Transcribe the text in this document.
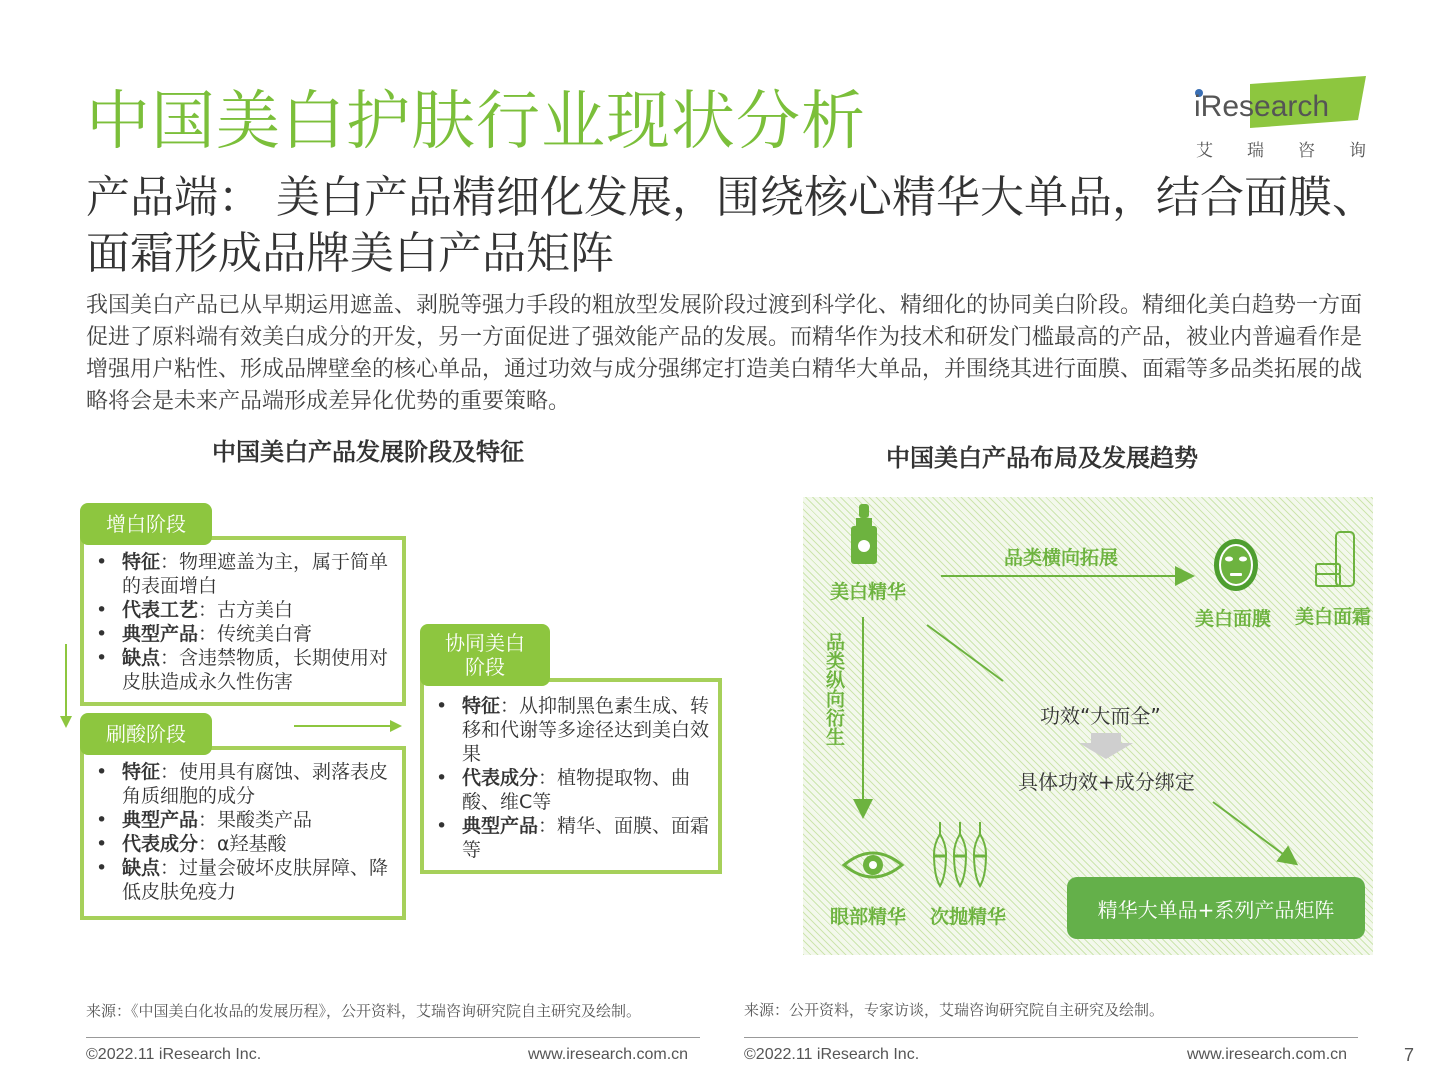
中国美白护肤行业现状分析	iResearch
艾 瑞 咨 询
产品端： 美白产品精细化发展，围绕核心精华大单品，结合面膜、面霜形成品牌美白产品矩阵
我国美白产品已从早期运用遮盖、剥脱等强力手段的粗放型发展阶段过渡到科学化、精细化的协同美白阶段。精细化美白趋势一方面促进了原料端有效美白成分的开发，另一方面促进了强效能产品的发展。而精华作为技术和研发门槛最高的产品，被业内普遍看作是增强用户粘性、形成品牌壁垒的核心单品，通过功效与成分强绑定打造美白精华大单品，并围绕其进行面膜、面霜等多品类拓展的战略将会是未来产品端形成差异化优势的重要策略。
中国美白产品发展阶段及特征
• 特征：物理遮盖为主，属于简单的表面增白
• 代表工艺：古方美白
• 典型产品：传统美白膏
• 缺点：含违禁物质，长期使用对皮肤造成永久性伤害
增白阶段
• 特征：使用具有腐蚀、剥落表皮角质细胞的成分
• 典型产品：果酸类产品
• 代表成分：α羟基酸
• 缺点：过量会破坏皮肤屏障、降低皮肤免疫力
刷酸阶段
• 特征：从抑制黑色素生成、转移和代谢等多途径达到美白效果
• 代表成分：植物提取物、曲酸、维C等
• 典型产品：精华、面膜、面霜等
协同美白阶段
中国美白产品布局及发展趋势
美白精华
美白面膜 美白面霜
眼部精华 次抛精华
品类横向拓展
品类纵向衍生	功效“大而全”
具体功效+成分绑定
精华大单品+系列产品矩阵
来源：《中国美白化妆品的发展历程》，公开资料，艾瑞咨询研究院自主研究及绘制。	来源：公开资料，专家访谈，艾瑞咨询研究院自主研究及绘制。
©2022.11 iResearch Inc.	www.iresearch.com.cn	©2022.11 iResearch Inc.	www.iresearch.com.cn	7
